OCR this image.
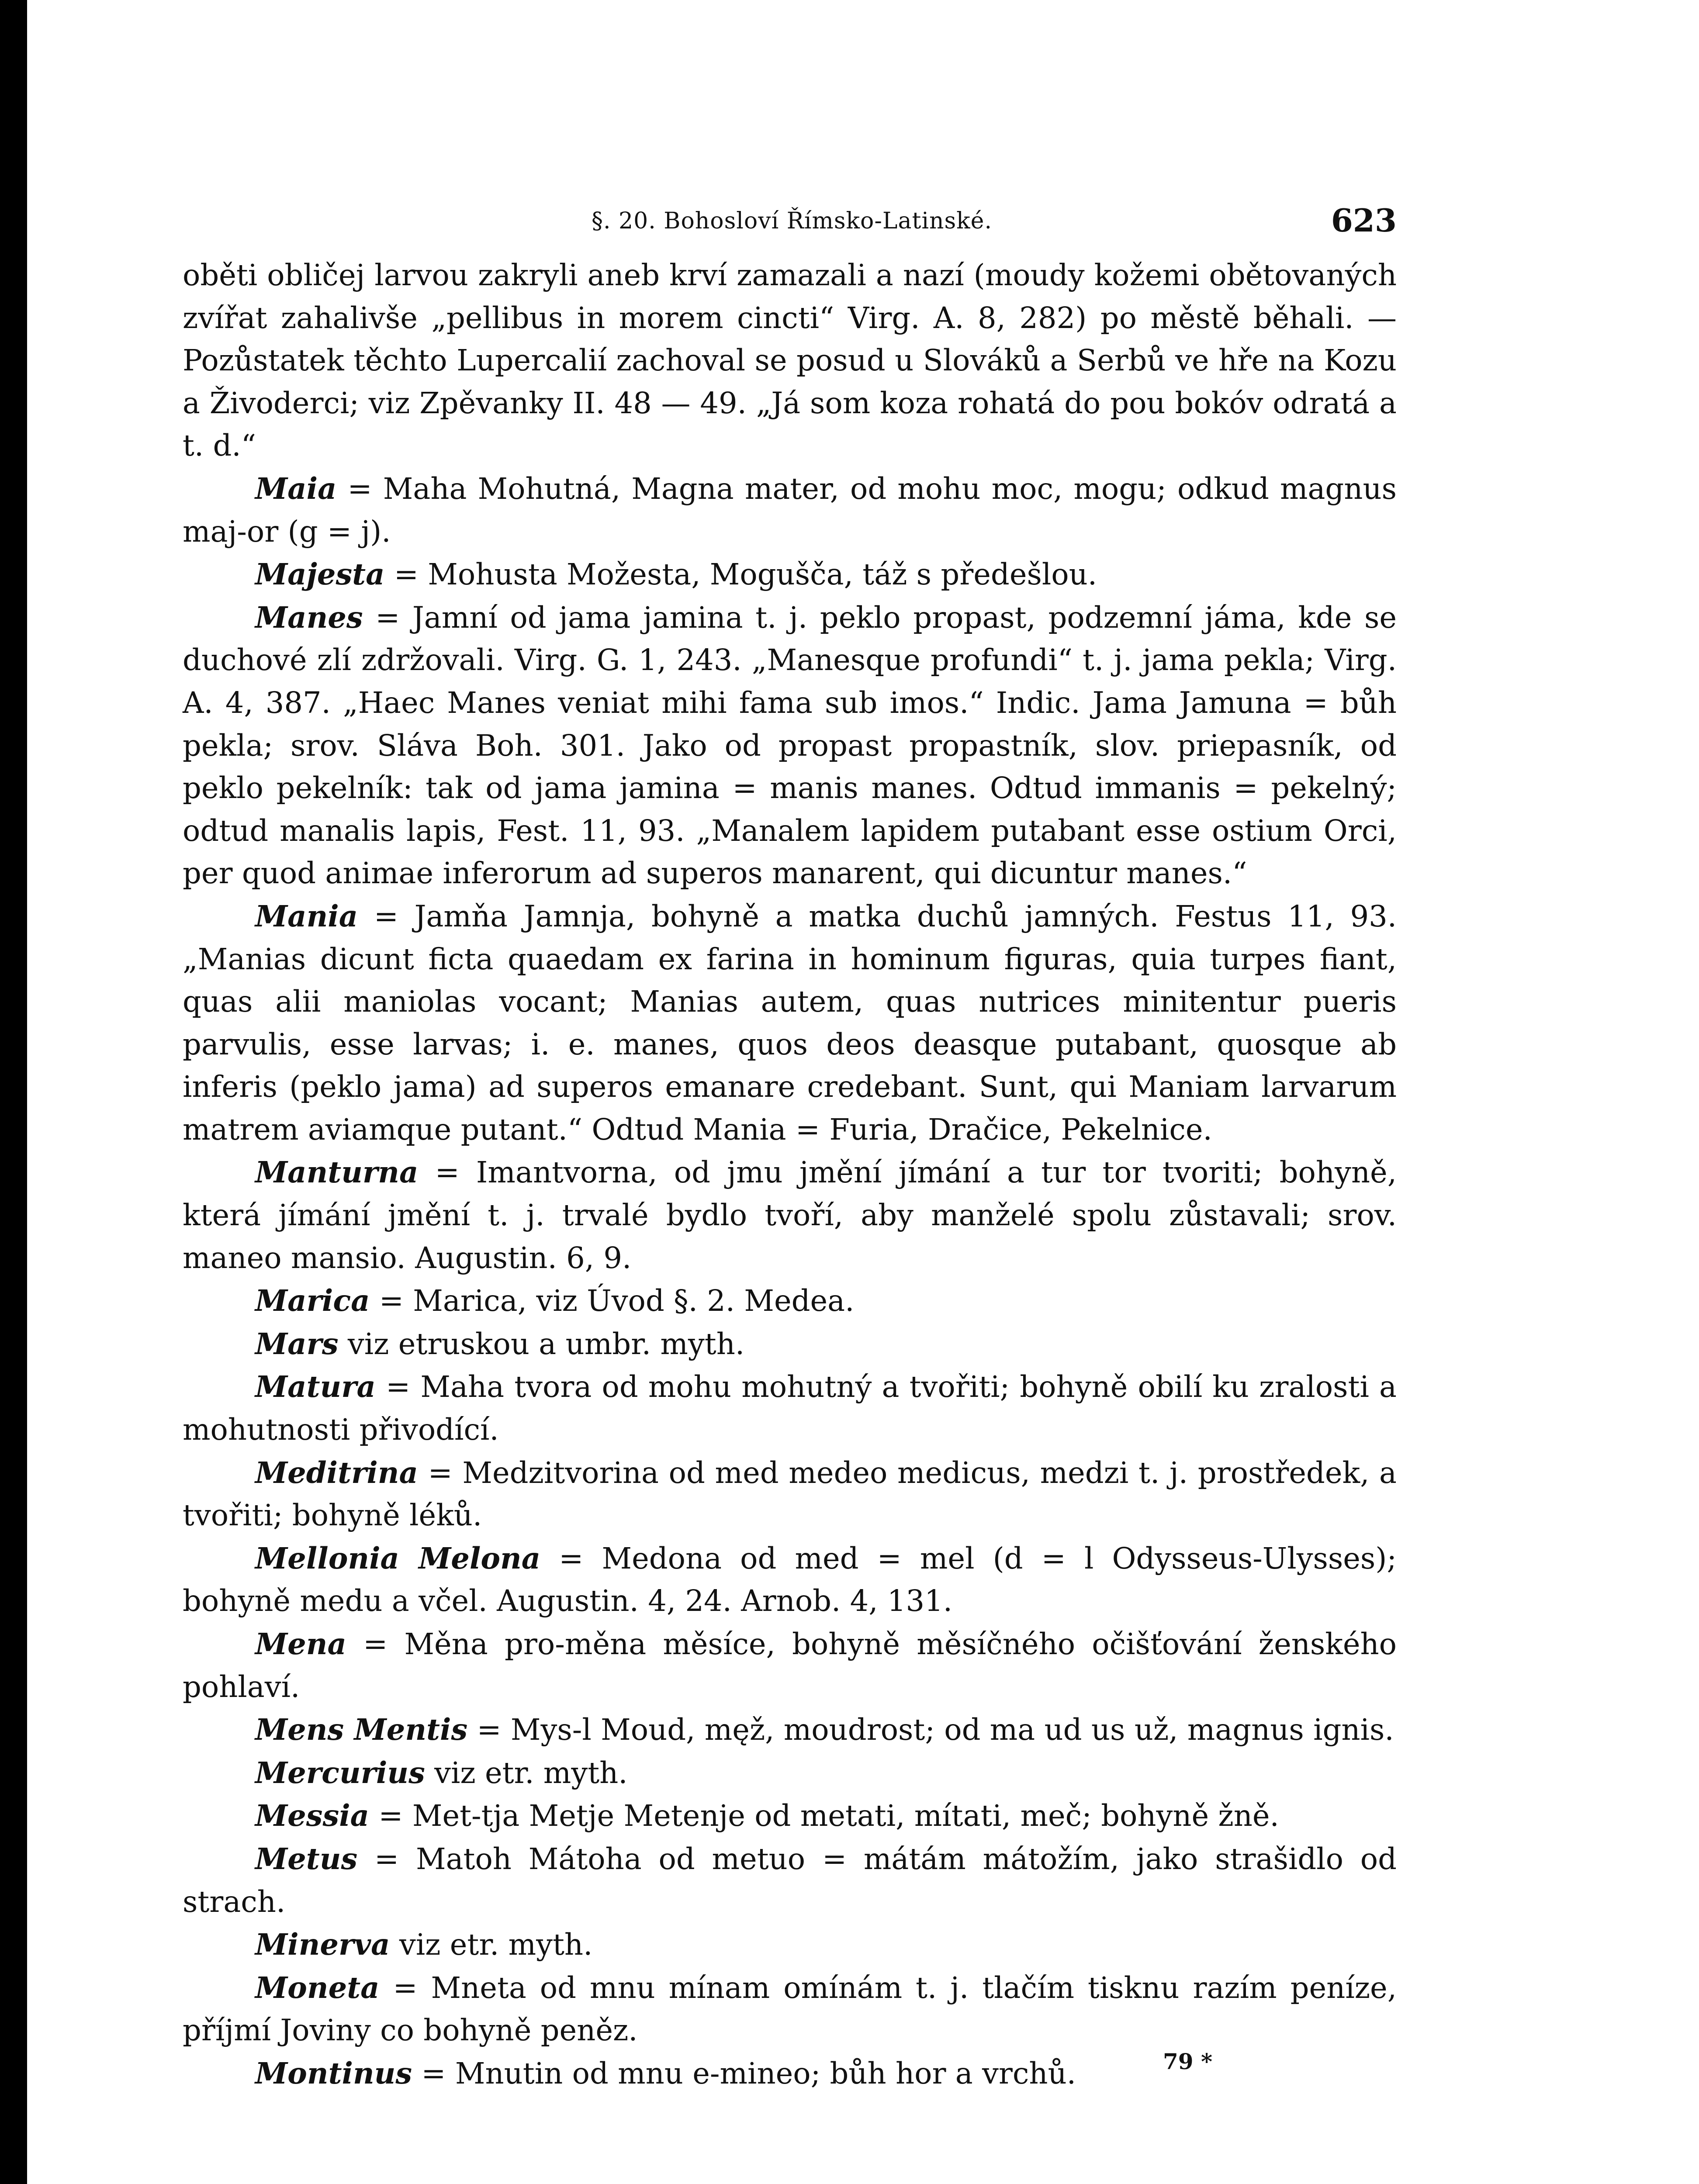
§. 20. Bohosloví Římsko-Latinské.	623

oběti obličej larvou zakryli aneb krví zamazali a nazí (moudy kožemi obětovaných zvířat zahalivše „pellibus in morem cincti“ Virg. A. 8, 282) po městě běhali. — Pozůstatek těchto Lupercalií zachoval se posud u Slováků a Serbů ve hře na Kozu a Živoderci; viz Zpěvanky II. 48 — 49. „Já som koza rohatá do pou bokóv odratá a t. d.“

Maia = Maha Mohutná, Magna mater, od mohu moc, mogu; odkud magnus maj-or (g = j).

Majesta = Mohusta Možesta, Mogušča, táž s předešlou.

Manes = Jamní od jama jamina t. j. peklo propast, podzemní jáma, kde se duchové zlí zdržovali. Virg. G. 1, 243. „Manesque profundi“ t. j. jama pekla; Virg. A. 4, 387. „Haec Manes veniat mihi fama sub imos.“ Indic. Jama Jamuna = bůh pekla; srov. Sláva Boh. 301. Jako od propast propastník, slov. priepasník, od peklo pekelník: tak od jama jamina = manis manes. Odtud immanis = pekelný; odtud manalis lapis, Fest. 11, 93. „Manalem lapidem putabant esse ostium Orci, per quod animae inferorum ad superos manarent, qui dicuntur manes.“

Mania = Jamňa Jamnja, bohyně a matka duchů jamných. Festus 11, 93. „Manias dicunt ficta quaedam ex farina in hominum figuras, quia turpes fiant, quas alii maniolas vocant; Manias autem, quas nutrices minitentur pueris parvulis, esse larvas; i. e. manes, quos deos deasque putabant, quosque ab inferis (peklo jama) ad superos emanare credebant. Sunt, qui Maniam larvarum matrem aviamque putant.“ Odtud Mania = Furia, Dračice, Pekelnice.

Manturna = Imantvorna, od jmu jmění jímání a tur tor tvoriti; bohyně, která jímání jmění t. j. trvalé bydlo tvoří, aby manželé spolu zůstavali; srov. maneo mansio. Augustin. 6, 9.

Marica = Marica, viz Úvod §. 2. Medea.

Mars viz etruskou a umbr. myth.

Matura = Maha tvora od mohu mohutný a tvořiti; bohyně obilí ku zralosti a mohutnosti přivodící.

Meditrina = Medzitvorina od med medeo medicus, medzi t. j. prostředek, a tvořiti; bohyně léků.

Mellonia Melona = Medona od med = mel (d = l Odysseus-Ulysses); bohyně medu a včel. Augustin. 4, 24. Arnob. 4, 131.

Mena = Měna pro-měna měsíce, bohyně měsíčného očišťování ženského pohlaví.

Mens Mentis = Mys-l Moud, męž, moudrost; od ma ud us už, magnus ignis.

Mercurius viz etr. myth.

Messia = Met-tja Metje Metenje od metati, mítati, meč; bohyně žně.

Metus = Matoh Mátoha od metuo = mátám mátožím, jako strašidlo od strach.

Minerva viz etr. myth.

Moneta = Mneta od mnu mínam omínám t. j. tlačím tisknu razím peníze, příjmí Joviny co bohyně peněz.

Montinus = Mnutin od mnu e-mineo; bůh hor a vrchů.	79 *
